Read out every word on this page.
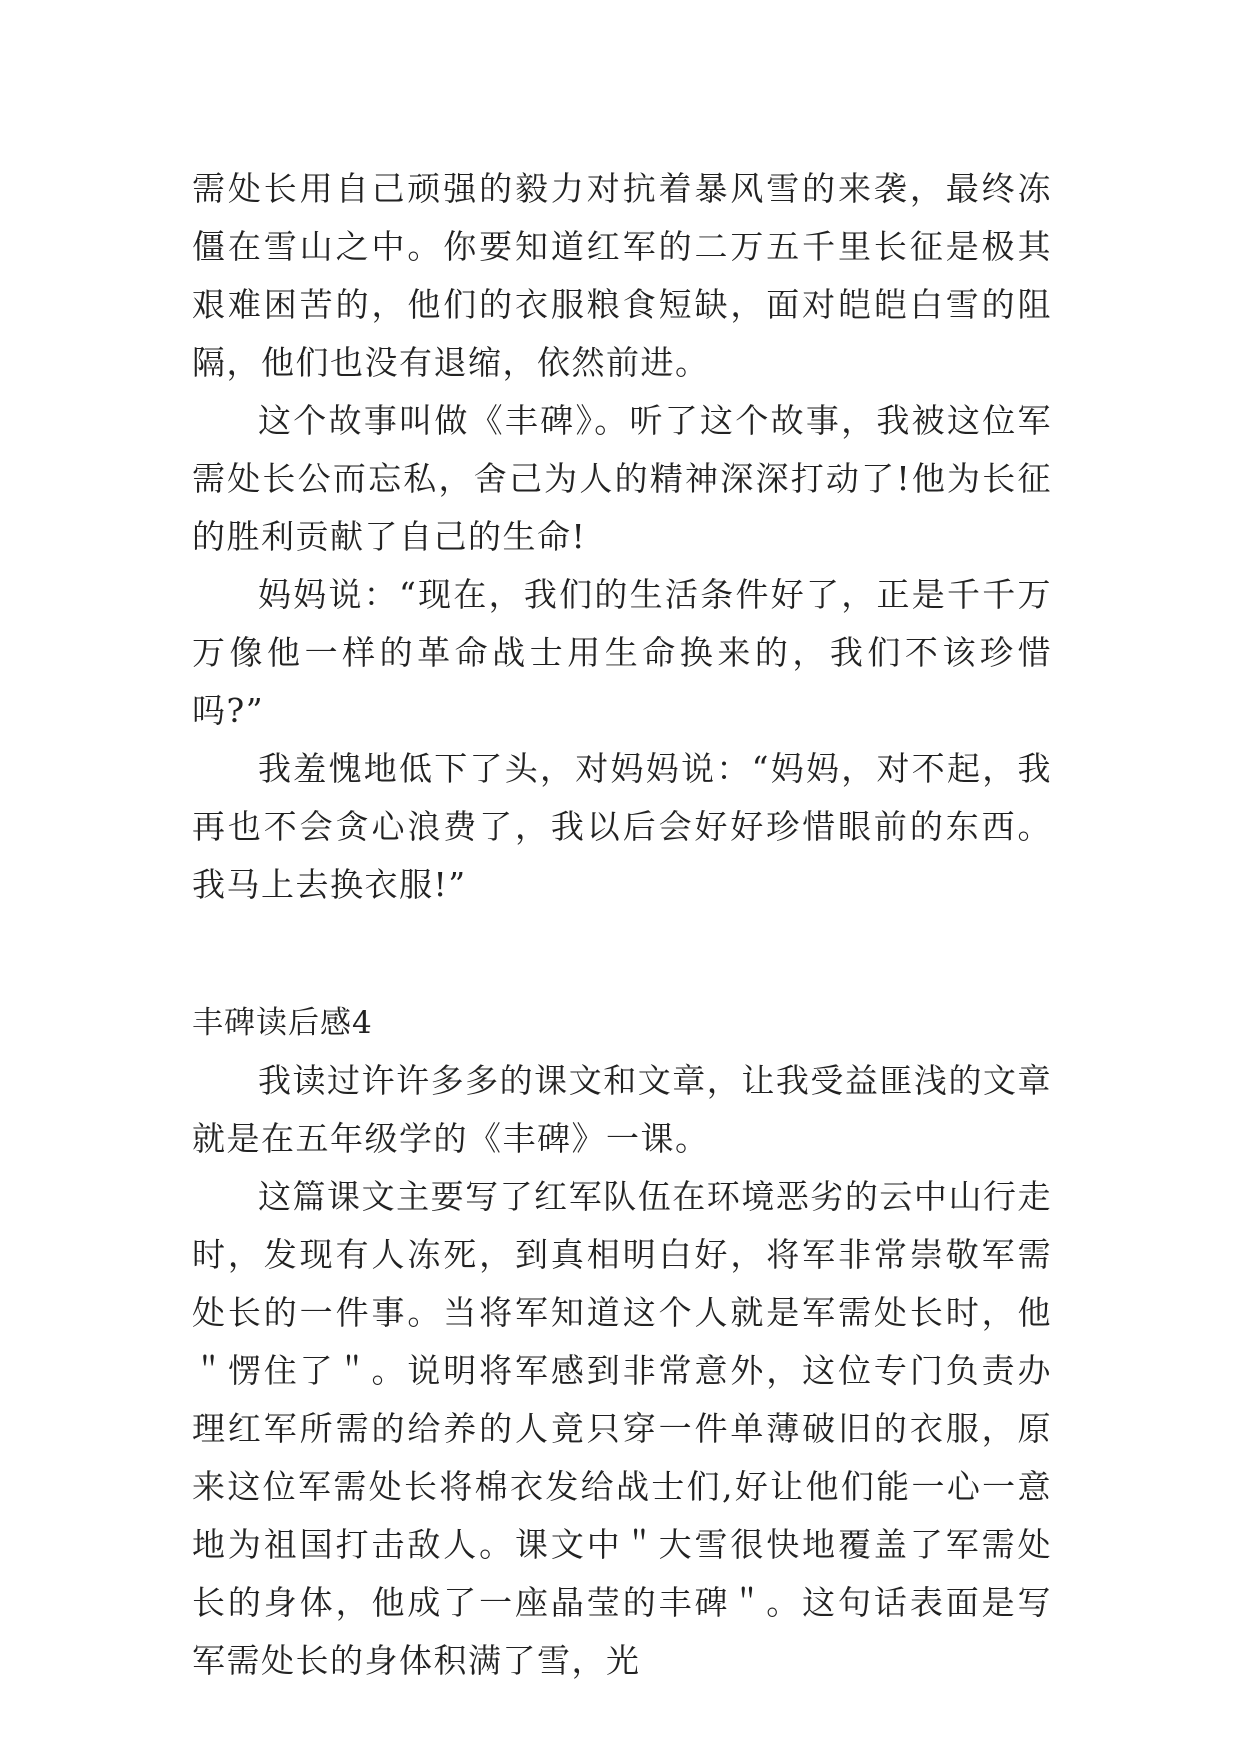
需处长用自己顽强的毅力对抗着暴风雪的来袭，最终冻僵在雪山之中。你要知道红军的二万五千里长征是极其艰难困苦的，他们的衣服粮食短缺，面对皑皑白雪的阻隔，他们也没有退缩，依然前进。

这个故事叫做《丰碑》。听了这个故事，我被这位军需处长公而忘私，舍己为人的精神深深打动了!他为长征的胜利贡献了自己的生命!

妈妈说：“现在，我们的生活条件好了，正是千千万万像他一样的革命战士用生命换来的，我们不该珍惜吗?”

我羞愧地低下了头，对妈妈说：“妈妈，对不起，我再也不会贪心浪费了，我以后会好好珍惜眼前的东西。我马上去换衣服!”

丰碑读后感4

我读过许许多多的课文和文章，让我受益匪浅的文章就是在五年级学的《丰碑》一课。

这篇课文主要写了红军队伍在环境恶劣的云中山行走时，发现有人冻死，到真相明白好，将军非常崇敬军需处长的一件事。当将军知道这个人就是军需处长时，他＂愣住了＂。说明将军感到非常意外，这位专门负责办理红军所需的给养的人竟只穿一件单薄破旧的衣服，原来这位军需处长将棉衣发给战士们,好让他们能一心一意地为祖国打击敌人。课文中＂大雪很快地覆盖了军需处长的身体，他成了一座晶莹的丰碑＂。这句话表面是写军需处长的身体积满了雪，光
